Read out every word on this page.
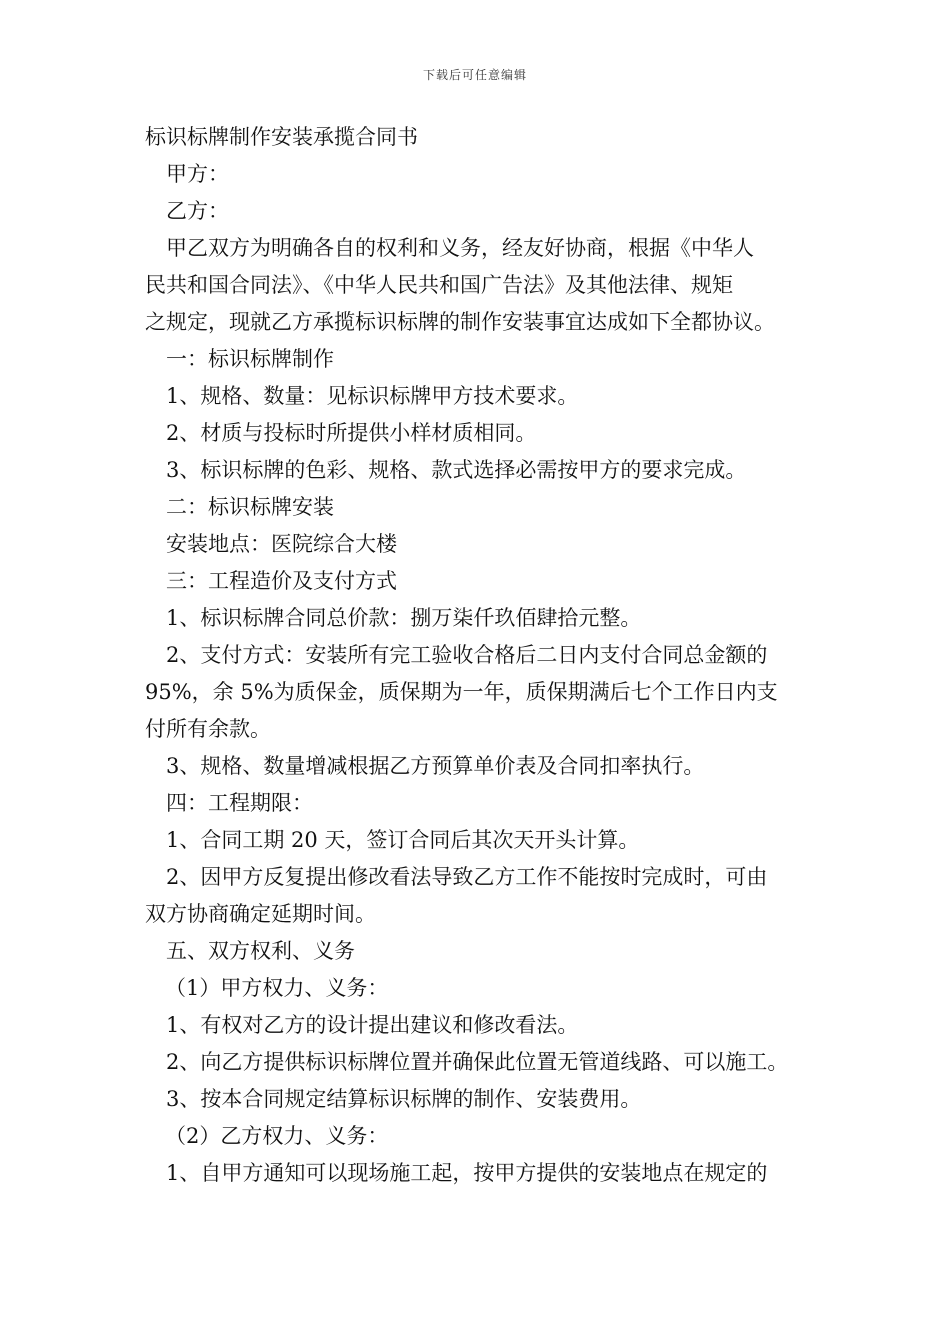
下载后可任意编辑
标识标牌制作安装承揽合同书
甲方：
乙方：
甲乙双方为明确各自的权利和义务，经友好协商，根据《中华人
民共和国合同法》、《中华人民共和国广告法》及其他法律、规矩
之规定，现就乙方承揽标识标牌的制作安装事宜达成如下全都协议。
一：标识标牌制作
1、规格、数量：见标识标牌甲方技术要求。
2、材质与投标时所提供小样材质相同。
3、标识标牌的色彩、规格、款式选择必需按甲方的要求完成。
二：标识标牌安装
安装地点：医院综合大楼
三：工程造价及支付方式
1、标识标牌合同总价款：捌万柒仟玖佰肆拾元整。
2、支付方式：安装所有完工验收合格后二日内支付合同总金额的
95%，余 5%为质保金，质保期为一年，质保期满后七个工作日内支
付所有余款。
3、规格、数量增减根据乙方预算单价表及合同扣率执行。
四：工程期限：
1、合同工期 20 天，签订合同后其次天开头计算。
2、因甲方反复提出修改看法导致乙方工作不能按时完成时，可由
双方协商确定延期时间。
五、双方权利、义务
（1）甲方权力、义务：
1、有权对乙方的设计提出建议和修改看法。
2、向乙方提供标识标牌位置并确保此位置无管道线路、可以施工。
3、按本合同规定结算标识标牌的制作、安装费用。
（2）乙方权力、义务：
1、自甲方通知可以现场施工起，按甲方提供的安装地点在规定的
